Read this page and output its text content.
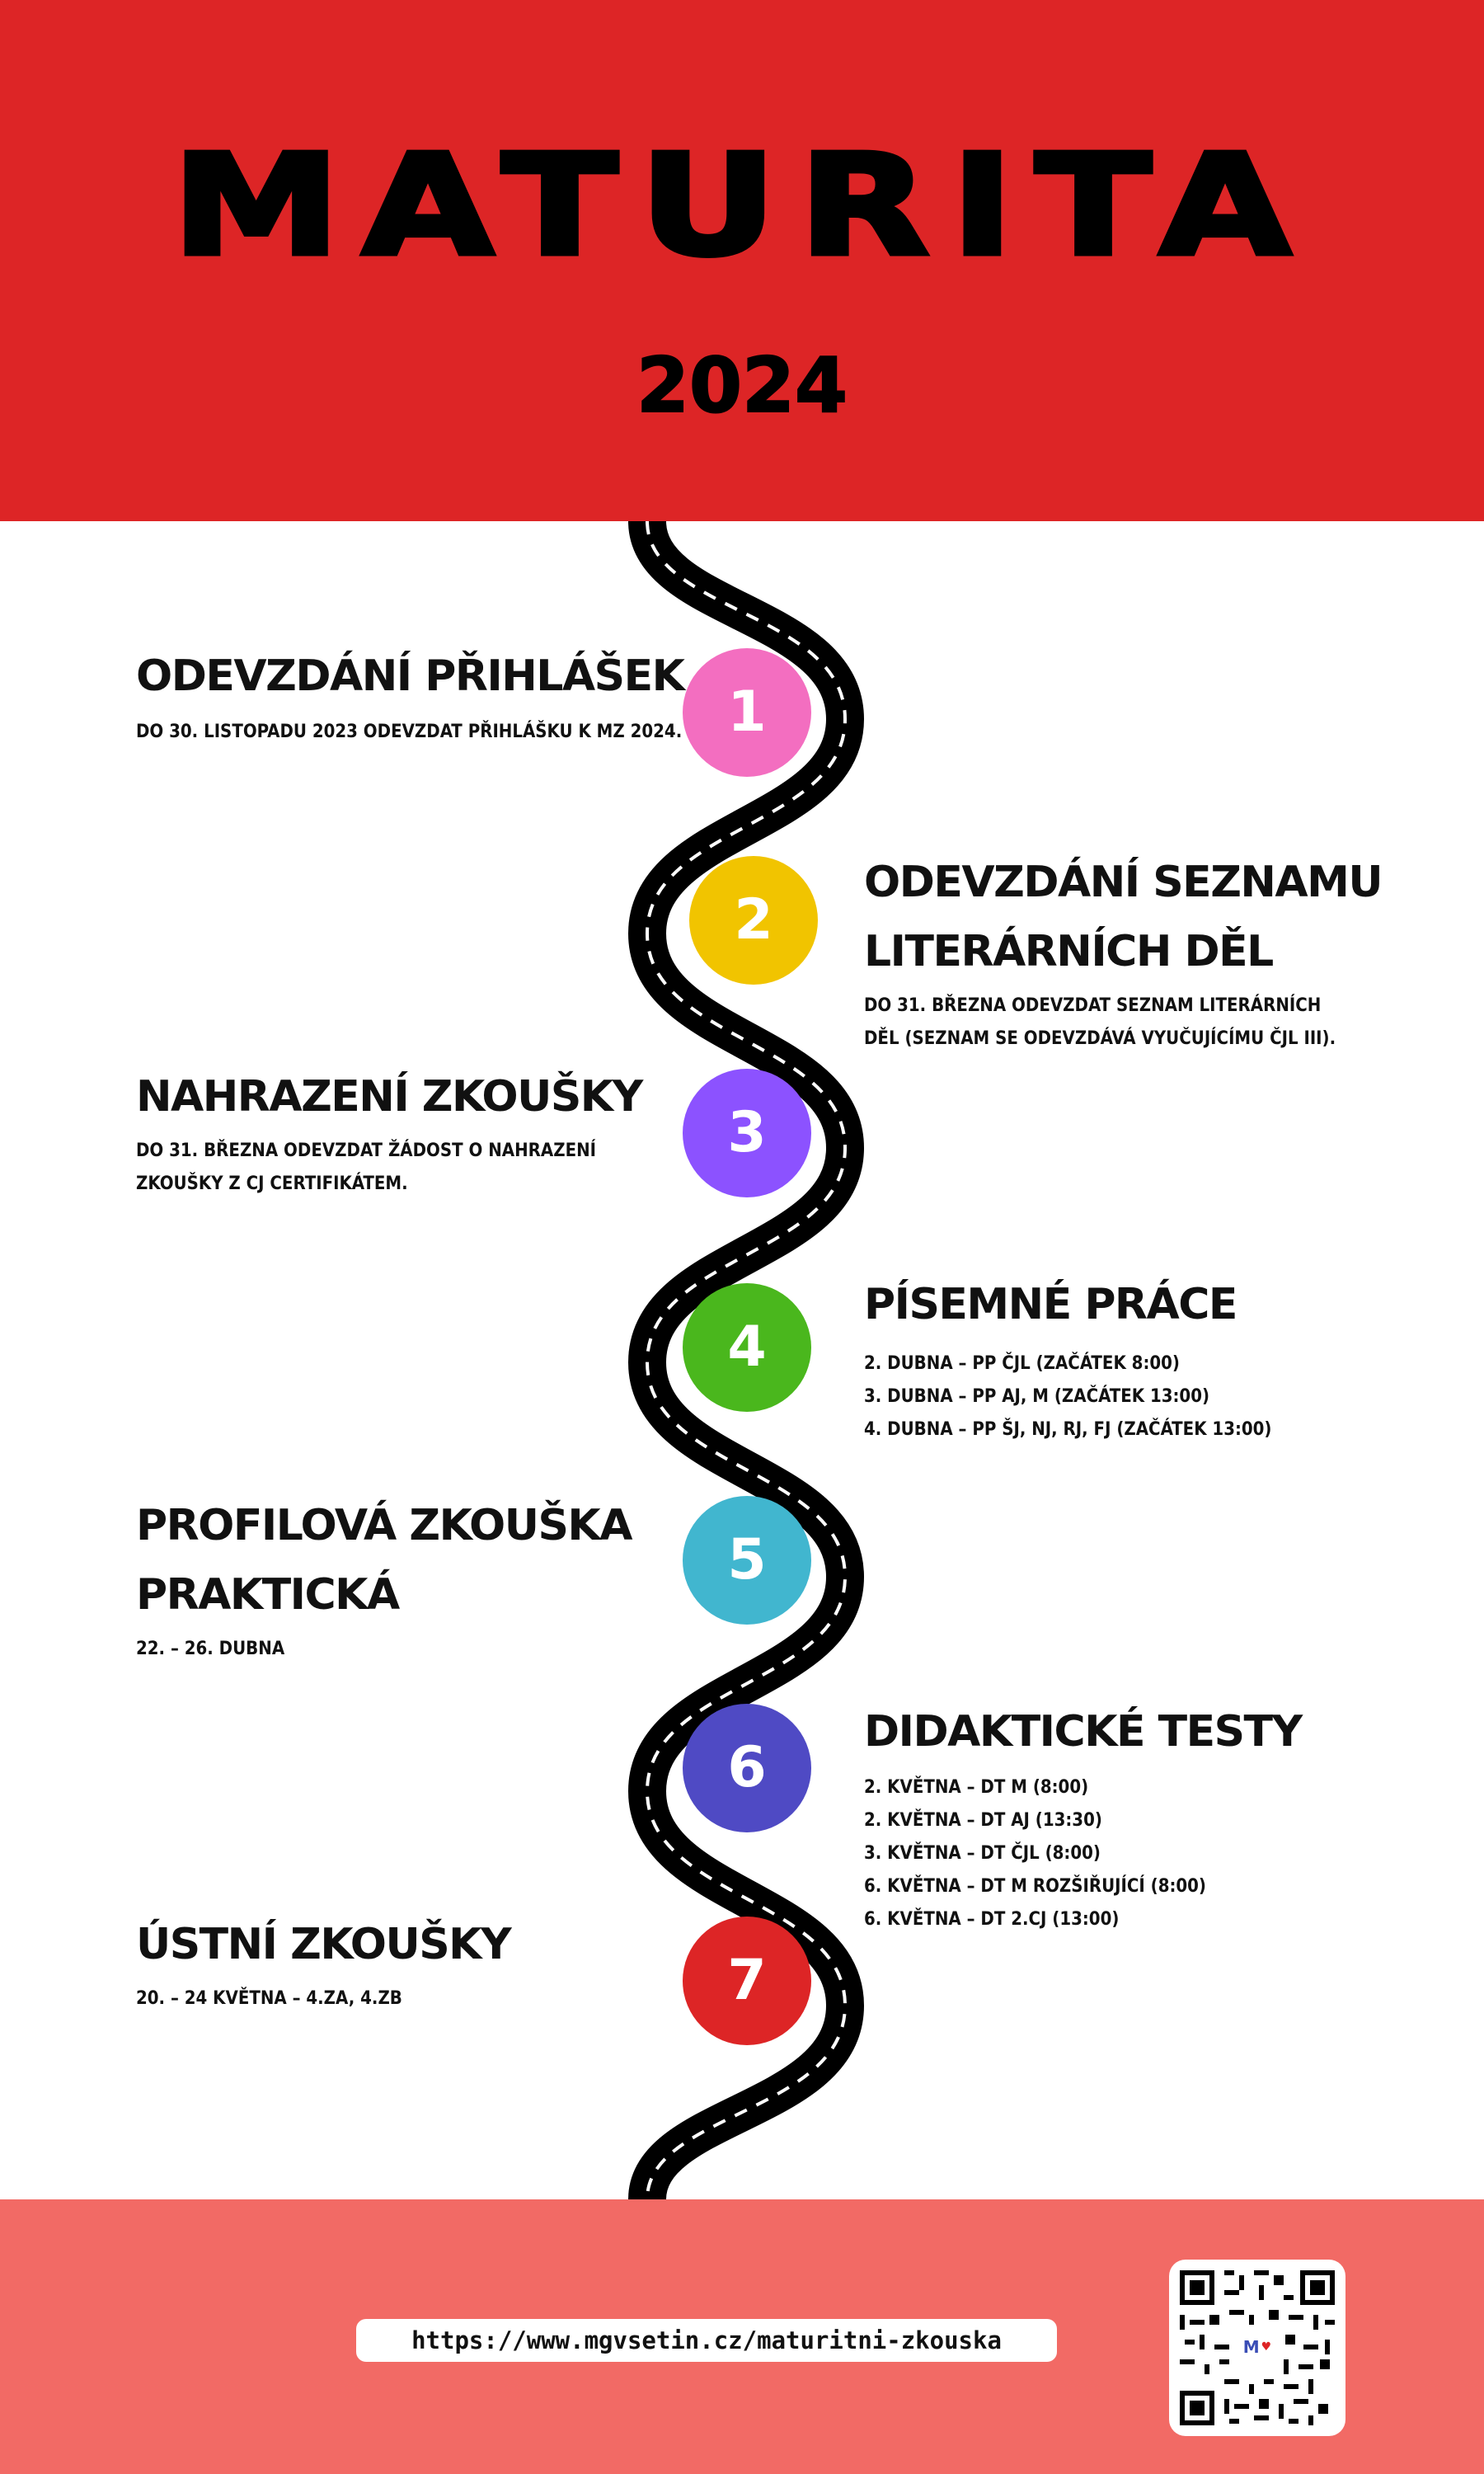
MATURITA
2024
1
ODEVZDÁNÍ PŘIHLÁŠEK
DO 30. LISTOPADU 2023 ODEVZDAT PŘIHLÁŠKU K MZ 2024.
2
ODEVZDÁNÍ SEZNAMU
LITERÁRNÍCH DĚL
DO 31. BŘEZNA ODEVZDAT SEZNAM LITERÁRNÍCH
DĚL (SEZNAM SE ODEVZDÁVÁ VYUČUJÍCÍMU ČJL III).
3
NAHRAZENÍ ZKOUŠKY
DO 31. BŘEZNA ODEVZDAT ŽÁDOST O NAHRAZENÍ
ZKOUŠKY Z CJ CERTIFIKÁTEM.
4
PÍSEMNÉ PRÁCE
2. DUBNA – PP ČJL (ZAČÁTEK 8:00)
3. DUBNA – PP AJ, M (ZAČÁTEK 13:00)
4. DUBNA – PP ŠJ, NJ, RJ, FJ (ZAČÁTEK 13:00)
5
PROFILOVÁ ZKOUŠKA
PRAKTICKÁ
22. – 26. DUBNA
6
DIDAKTICKÉ TESTY
2. KVĚTNA – DT M (8:00)
2. KVĚTNA – DT AJ (13:30)
3. KVĚTNA – DT ČJL (8:00)
6. KVĚTNA – DT M ROZŠIŘUJÍCÍ (8:00)
6. KVĚTNA – DT 2.CJ (13:00)
7
ÚSTNÍ ZKOUŠKY
20. – 24 KVĚTNA – 4.ZA, 4.ZB
https://www.mgvsetin.cz/maturitni-zkouska	M ♥
